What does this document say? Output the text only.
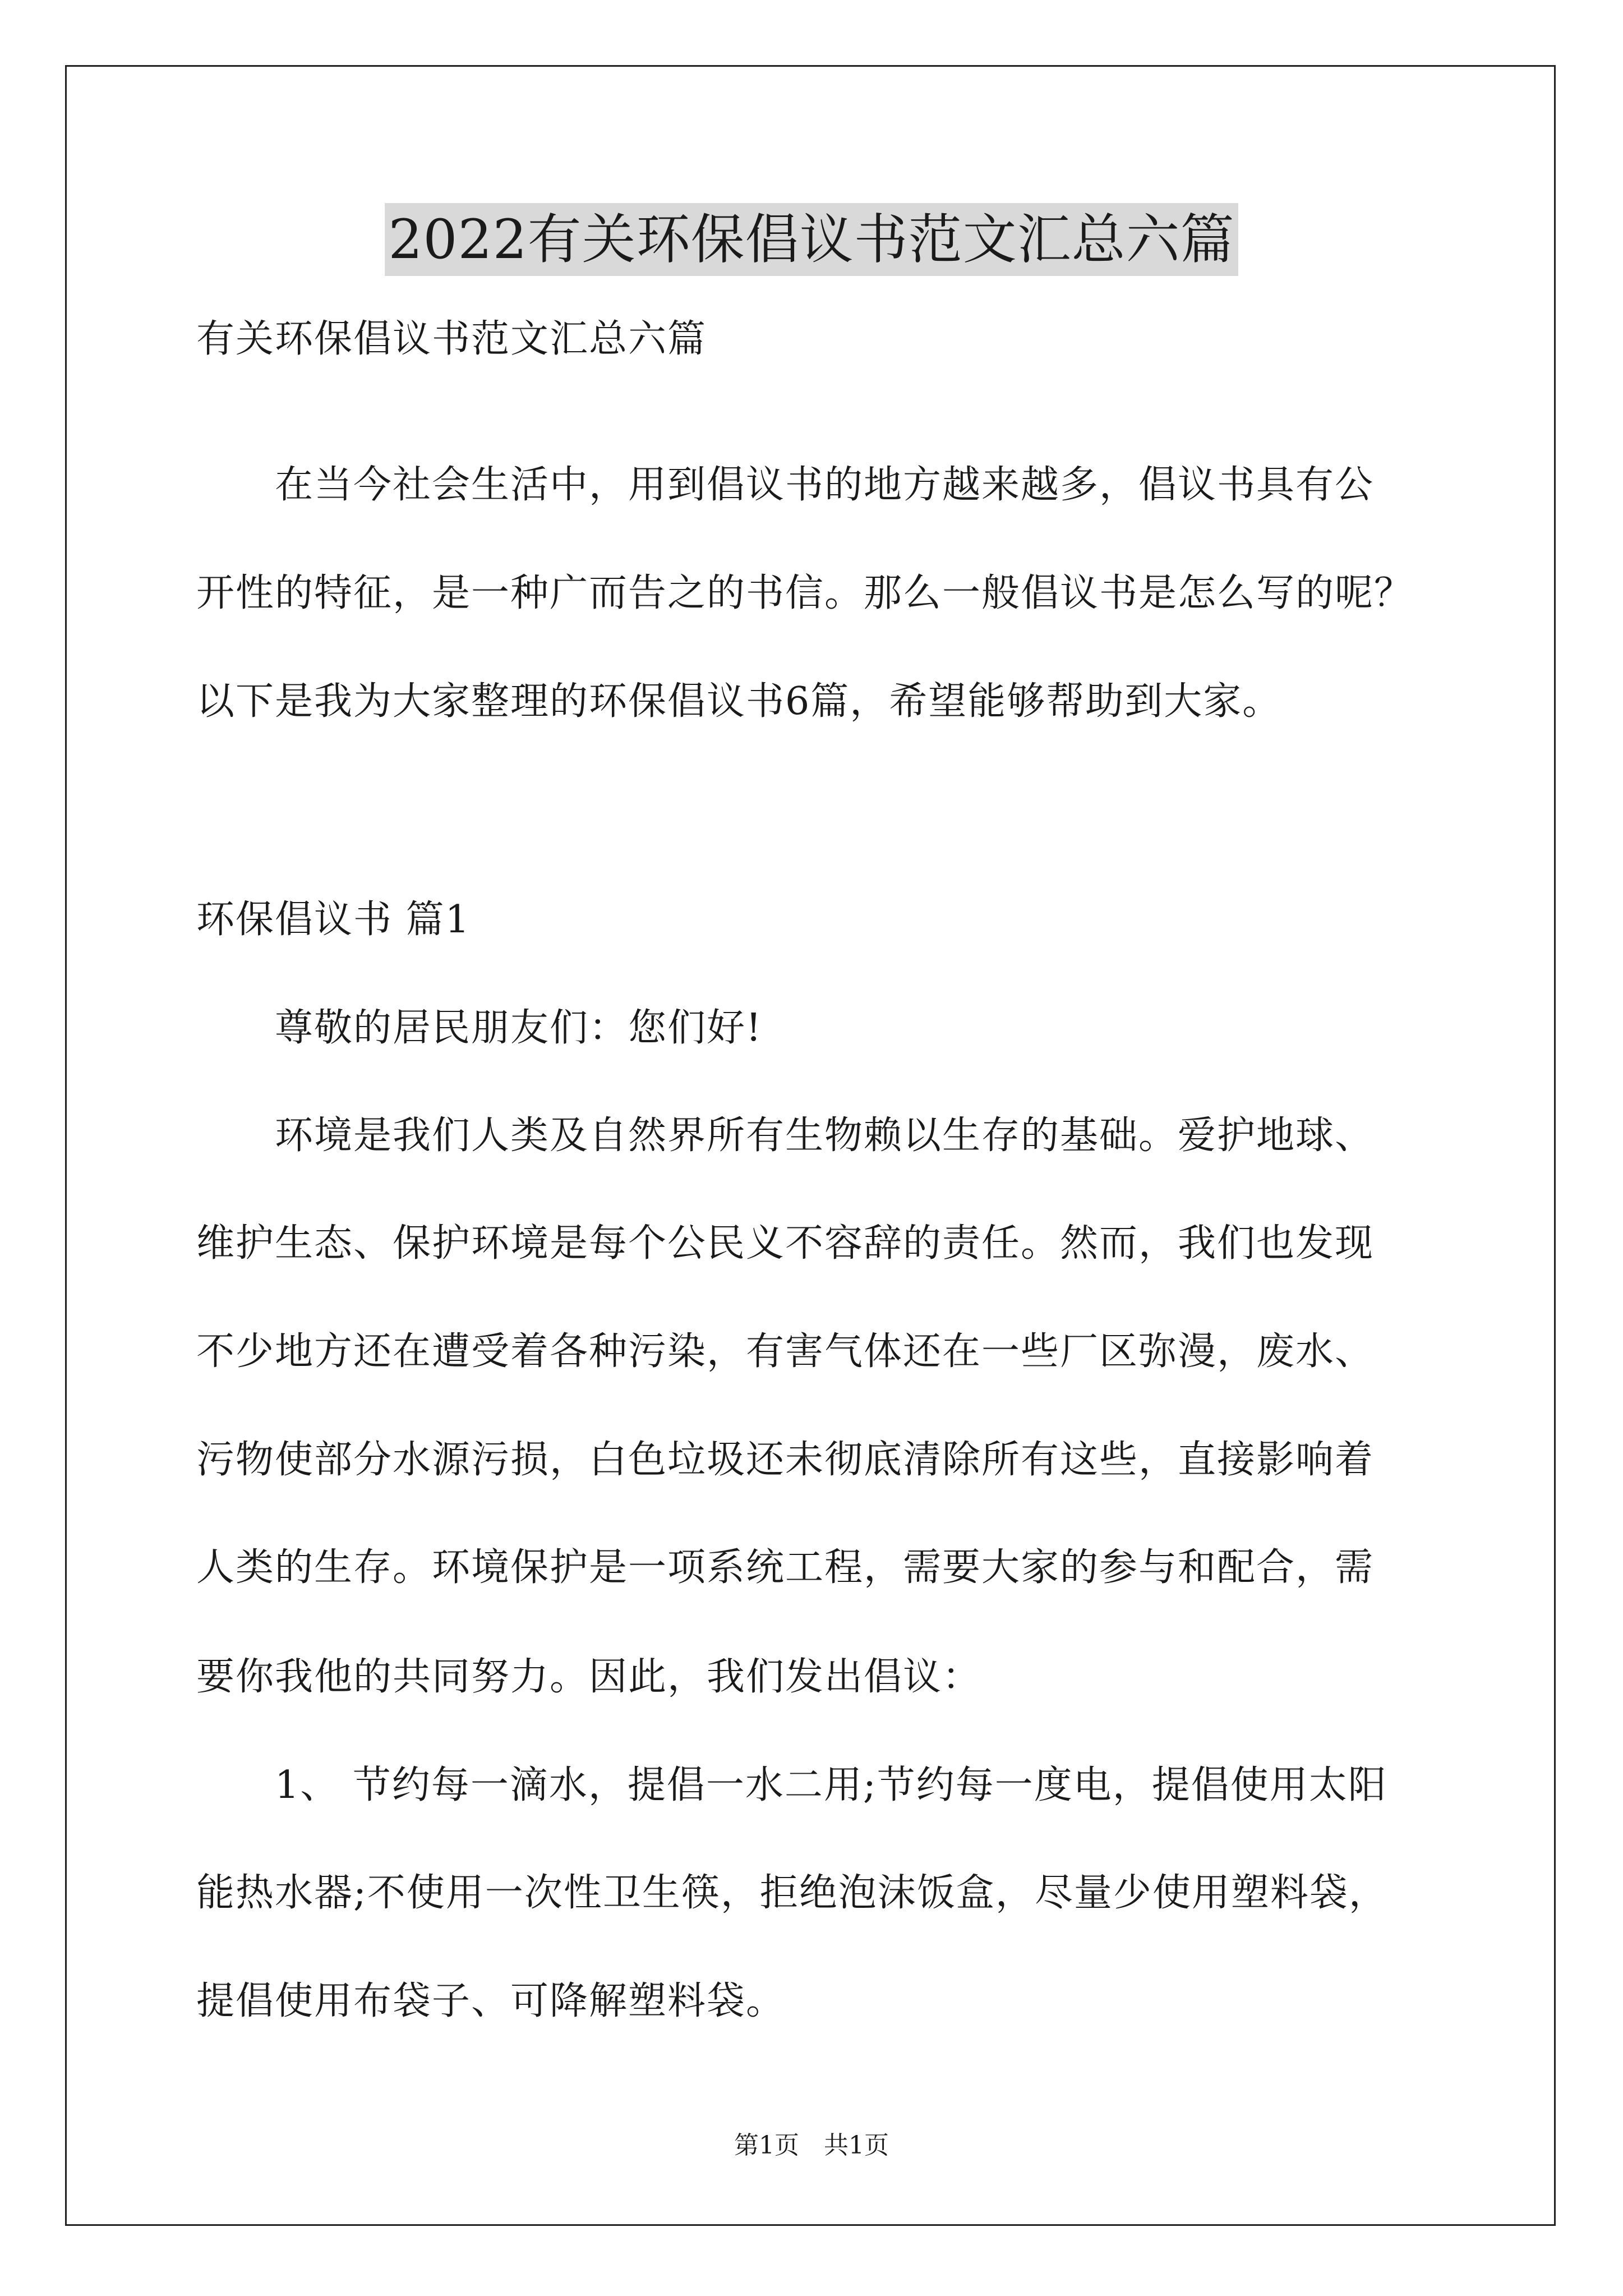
2022有关环保倡议书范文汇总六篇
有关环保倡议书范文汇总六篇
　　在当今社会生活中，用到倡议书的地方越来越多，倡议书具有公
开性的特征，是一种广而告之的书信。那么一般倡议书是怎么写的呢？
以下是我为大家整理的环保倡议书6篇，希望能够帮助到大家。
环保倡议书 篇1
　　尊敬的居民朋友们：您们好!
　　环境是我们人类及自然界所有生物赖以生存的基础。爱护地球、
维护生态、保护环境是每个公民义不容辞的责任。然而，我们也发现
不少地方还在遭受着各种污染，有害气体还在一些厂区弥漫，废水、
污物使部分水源污损，白色垃圾还未彻底清除所有这些，直接影响着
人类的生存。环境保护是一项系统工程，需要大家的参与和配合，需
要你我他的共同努力。因此，我们发出倡议：
　　1、 节约每一滴水，提倡一水二用;节约每一度电，提倡使用太阳
能热水器;不使用一次性卫生筷，拒绝泡沫饭盒，尽量少使用塑料袋，
提倡使用布袋子、可降解塑料袋。
第1页　共1页
